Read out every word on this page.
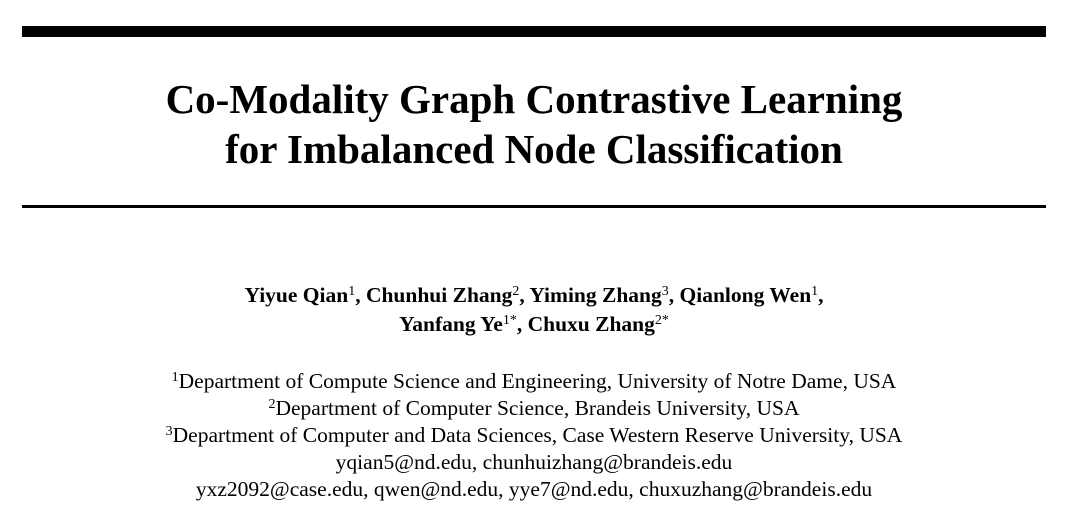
Co-Modality Graph Contrastive Learning
for Imbalanced Node Classification
Yiyue Qian$^1$, Chunhui Zhang$^2$, Yiming Zhang$^3$, Qianlong Wen$^1$,
Yanfang $Ye^{1*}$, Chuxu Zhang$^{2*}$
$^1$Department of Compute Science and Engineering, University of Notre Dame, USA
$^2$Department of Computer Science, Brandeis University, USA
$^3$Department of Computer and Data Sciences, Case Western Reserve University, USA
yqian5@nd.edu, chunhuizhang@brandeis.edu
yxz2092@case.edu, qwen@nd.edu, yye7@nd.edu, chuxuzhang@brandeis.edu
